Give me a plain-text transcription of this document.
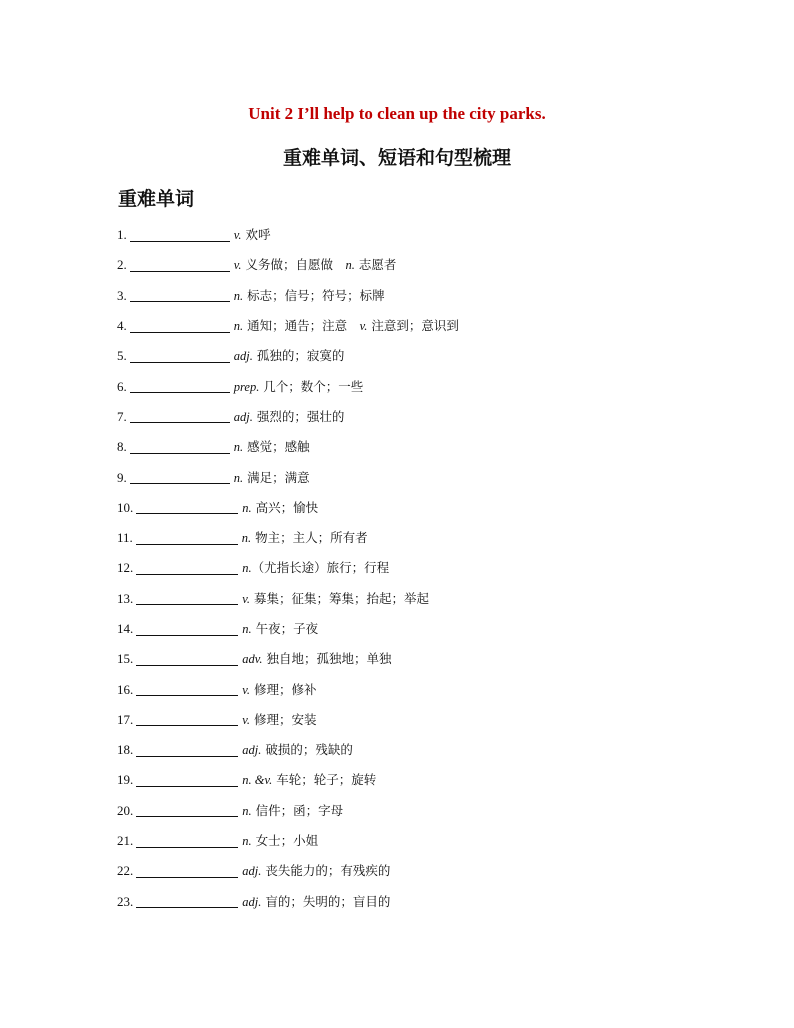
Unit 2 I’ll help to clean up the city parks.
重难单词、短语和句型梳理
重难单词
1.	v. 欢呼
2.	v. 义务做；自愿做　n. 志愿者
3.	n. 标志；信号；符号；标牌
4.	n. 通知；通告；注意　v. 注意到；意识到
5.	adj. 孤独的；寂寞的
6.	prep. 几个；数个；一些
7.	adj. 强烈的；强壮的
8.	n. 感觉；感触
9.	n. 满足；满意
10.	n. 高兴；愉快
11.	n. 物主；主人；所有者
12.	n.（尤指长途）旅行；行程
13.	v. 募集；征集；筹集；抬起；举起
14.	n. 午夜；子夜
15.	adv. 独自地；孤独地；单独
16.	v. 修理；修补
17.	v. 修理；安装
18.	adj. 破损的；残缺的
19.	n. &v. 车轮；轮子；旋转
20.	n. 信件；函；字母
21.	n. 女士；小姐
22.	adj. 丧失能力的；有残疾的
23.	adj. 盲的；失明的；盲目的
